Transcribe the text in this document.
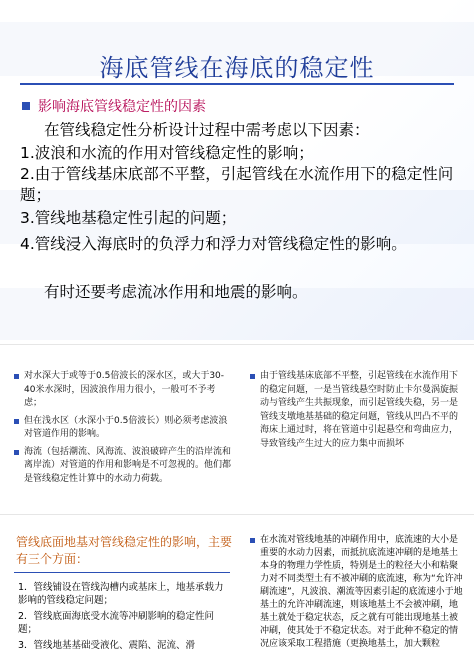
海底管线在海底的稳定性
影响海底管线稳定性的因素
在管线稳定性分析设计过程中需考虑以下因素：
1.波浪和水流的作用对管线稳定性的影响；
2.由于管线基床底部不平整，引起管线在水流作用下的稳定性问题；
3.管线地基稳定性引起的问题；
4.管线浸入海底时的负浮力和浮力对管线稳定性的影响。
有时还要考虑流冰作用和地震的影响。
对水深大于或等于0.5倍波长的深水区，或大于30-40米水深时，因波浪作用力很小，一般可不予考虑；
但在浅水区（水深小于0.5倍波长）则必须考虑波浪对管道作用的影响。
海流（包括潮流、风海流、波浪破碎产生的沿岸流和离岸流）对管道的作用和影响是不可忽视的。他们都是管线稳定性计算中的水动力荷载。
由于管线基床底部不平整，引起管线在水流作用下的稳定问题，一是当管线悬空时防止卡尔曼涡旋振动与管线产生共振现象，而引起管线失稳，另一是管线支墩地基基础的稳定问题，管线从凹凸不平的海床上通过时，将在管道中引起悬空和弯曲应力，导致管线产生过大的应力集中而损坏
管线底面地基对管线稳定性的影响，主要有三个方面：
1．管线铺设在管线沟槽内或基床上，地基承载力影响的管线稳定问题；
2．管线底面海底受水流等冲刷影响的稳定性问题；
3．管线地基基础受液化、震陷、泥流、滑
在水流对管线地基的冲刷作用中，底流速的大小是重要的水动力因素，而抵抗底流速冲刷的是地基土本身的物理力学性质，特别是土的粒径大小和粘聚力对不同类型土有不被冲刷的底流速，称为“允许冲刷流速”，凡波浪、潮流等因素引起的底流速小于地基土的允许冲刷流速，则该地基土不会被冲刷，地基土就处于稳定状态，反之就有可能出现地基土被冲刷，使其处于不稳定状态。对于此种不稳定的情况应该采取工程措施（更换地基土，加大颗粒
